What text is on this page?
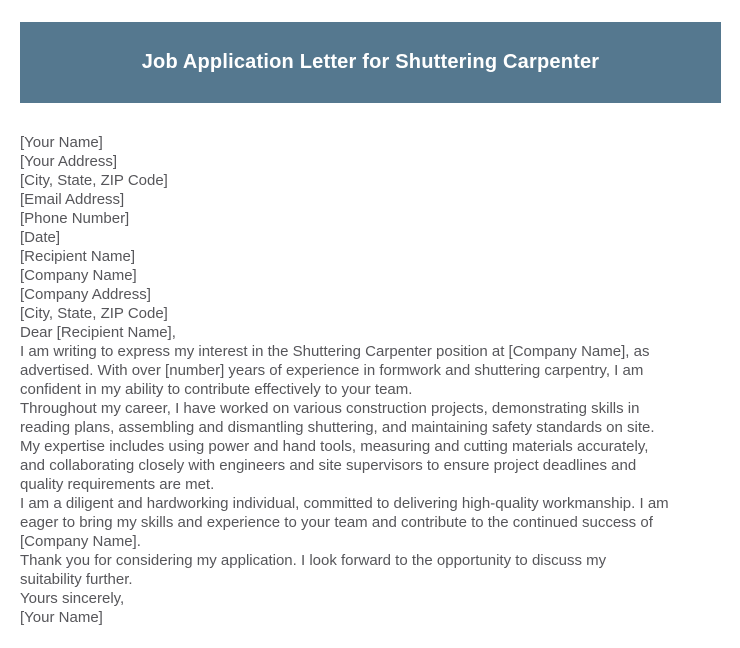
Job Application Letter for Shuttering Carpenter
[Your Name]
[Your Address]
[City, State, ZIP Code]
[Email Address]
[Phone Number]
[Date]
[Recipient Name]
[Company Name]
[Company Address]
[City, State, ZIP Code]
Dear [Recipient Name],
I am writing to express my interest in the Shuttering Carpenter position at [Company Name], as
advertised. With over [number] years of experience in formwork and shuttering carpentry, I am
confident in my ability to contribute effectively to your team.
Throughout my career, I have worked on various construction projects, demonstrating skills in
reading plans, assembling and dismantling shuttering, and maintaining safety standards on site.
My expertise includes using power and hand tools, measuring and cutting materials accurately,
and collaborating closely with engineers and site supervisors to ensure project deadlines and
quality requirements are met.
I am a diligent and hardworking individual, committed to delivering high-quality workmanship. I am
eager to bring my skills and experience to your team and contribute to the continued success of
[Company Name].
Thank you for considering my application. I look forward to the opportunity to discuss my
suitability further.
Yours sincerely,
[Your Name]
